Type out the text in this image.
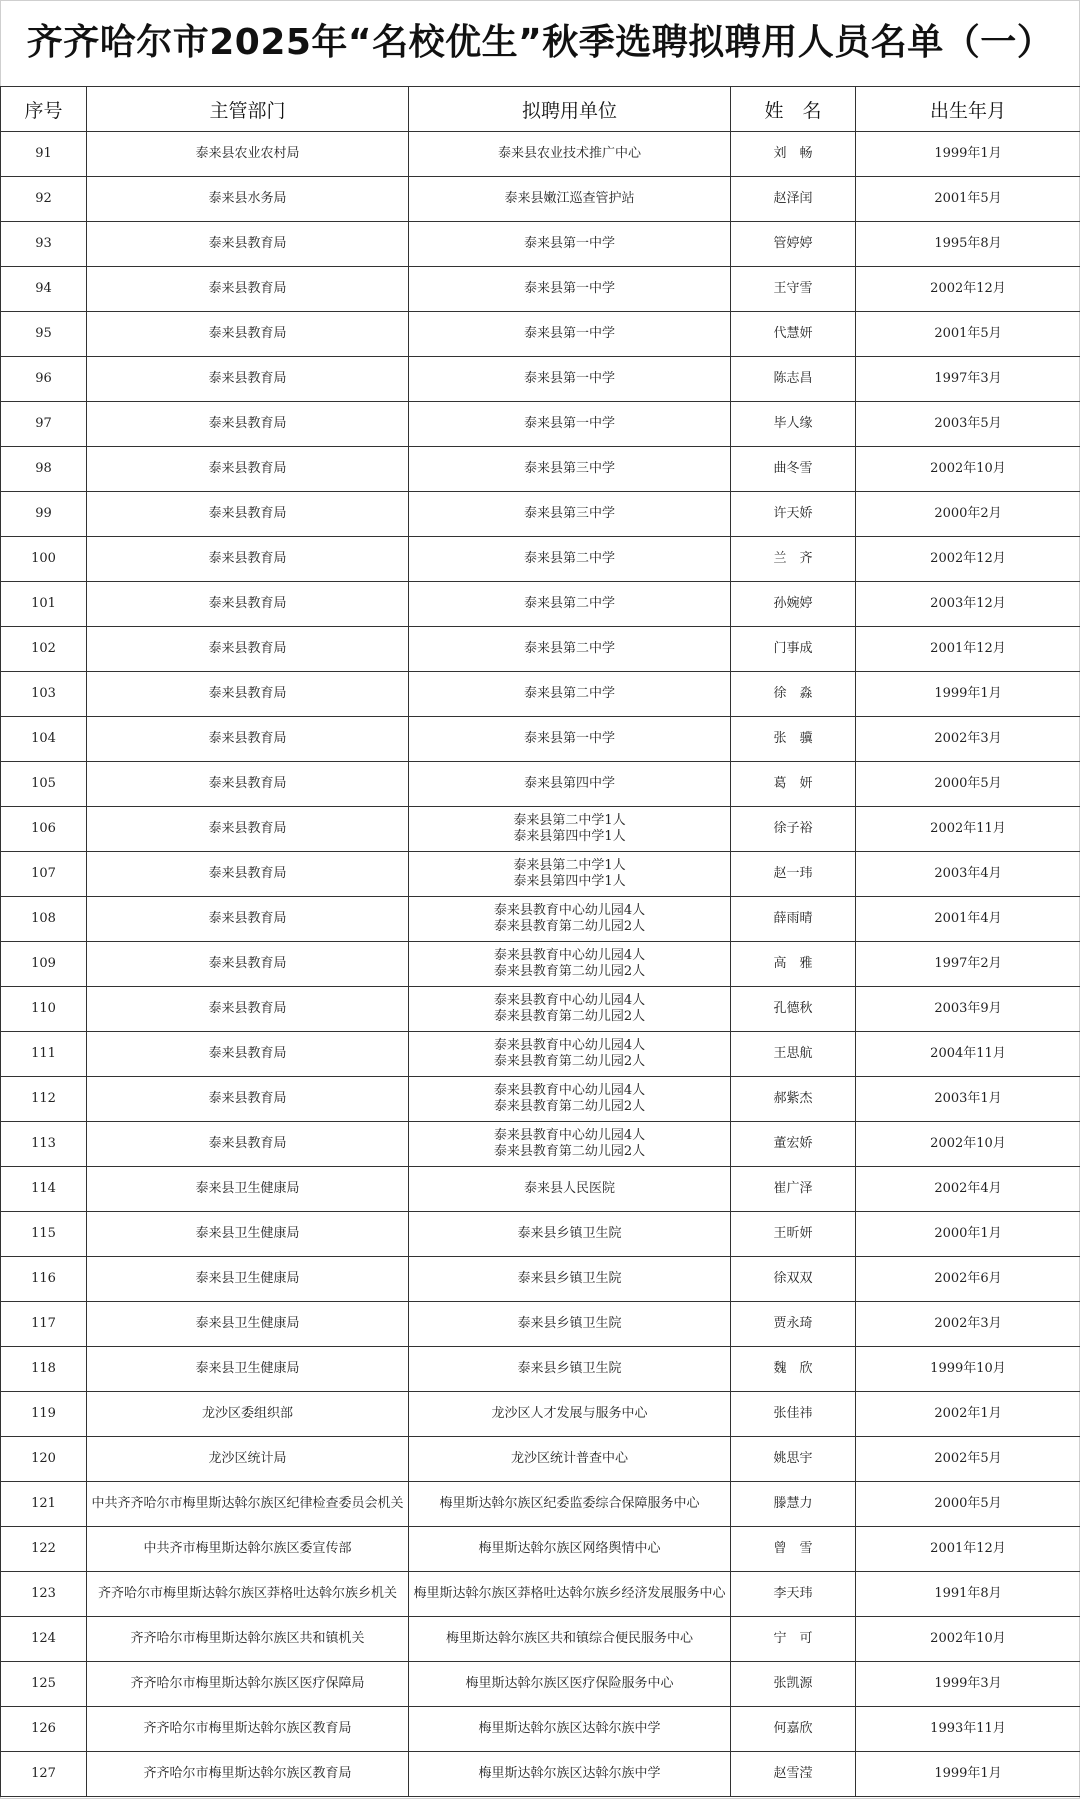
齐齐哈尔市2025年“名校优生”秋季选聘拟聘用人员名单（一）
序号	主管部门	拟聘用单位	姓　名	出生年月

91	泰来县农业农村局	泰来县农业技术推广中心	刘　畅	1999年1月

92	泰来县水务局	泰来县嫩江巡查管护站	赵泽闰	2001年5月

93	泰来县教育局	泰来县第一中学	管婷婷	1995年8月

94	泰来县教育局	泰来县第一中学	王守雪	2002年12月

95	泰来县教育局	泰来县第一中学	代慧妍	2001年5月

96	泰来县教育局	泰来县第一中学	陈志昌	1997年3月

97	泰来县教育局	泰来县第一中学	毕人缘	2003年5月

98	泰来县教育局	泰来县第三中学	曲冬雪	2002年10月

99	泰来县教育局	泰来县第三中学	许天娇	2000年2月

100	泰来县教育局	泰来县第二中学	兰　齐	2002年12月

101	泰来县教育局	泰来县第二中学	孙婉婷	2003年12月

102	泰来县教育局	泰来县第二中学	门事成	2001年12月

103	泰来县教育局	泰来县第二中学	徐　淼	1999年1月

104	泰来县教育局	泰来县第一中学	张　骥	2002年3月

105	泰来县教育局	泰来县第四中学	葛　妍	2000年5月

106	泰来县教育局	泰来县第二中学1人
泰来县第四中学1人	徐子裕	2002年11月

107	泰来县教育局	泰来县第二中学1人
泰来县第四中学1人	赵一玮	2003年4月

108	泰来县教育局	泰来县教育中心幼儿园4人
泰来县教育第二幼儿园2人	薛雨晴	2001年4月

109	泰来县教育局	泰来县教育中心幼儿园4人
泰来县教育第二幼儿园2人	高　雅	1997年2月

110	泰来县教育局	泰来县教育中心幼儿园4人
泰来县教育第二幼儿园2人	孔德秋	2003年9月

111	泰来县教育局	泰来县教育中心幼儿园4人
泰来县教育第二幼儿园2人	王思航	2004年11月

112	泰来县教育局	泰来县教育中心幼儿园4人
泰来县教育第二幼儿园2人	郝紫杰	2003年1月

113	泰来县教育局	泰来县教育中心幼儿园4人
泰来县教育第二幼儿园2人	董宏娇	2002年10月

114	泰来县卫生健康局	泰来县人民医院	崔广泽	2002年4月

115	泰来县卫生健康局	泰来县乡镇卫生院	王昕妍	2000年1月

116	泰来县卫生健康局	泰来县乡镇卫生院	徐双双	2002年6月

117	泰来县卫生健康局	泰来县乡镇卫生院	贾永琦	2002年3月

118	泰来县卫生健康局	泰来县乡镇卫生院	魏　欣	1999年10月

119	龙沙区委组织部	龙沙区人才发展与服务中心	张佳祎	2002年1月

120	龙沙区统计局	龙沙区统计普查中心	姚思宇	2002年5月

121	中共齐齐哈尔市梅里斯达斡尔族区纪律检查委员会机关	梅里斯达斡尔族区纪委监委综合保障服务中心	滕慧力	2000年5月

122	中共齐市梅里斯达斡尔族区委宣传部	梅里斯达斡尔族区网络舆情中心	曾　雪	2001年12月

123	齐齐哈尔市梅里斯达斡尔族区莽格吐达斡尔族乡机关	梅里斯达斡尔族区莽格吐达斡尔族乡经济发展服务中心	李天玮	1991年8月

124	齐齐哈尔市梅里斯达斡尔族区共和镇机关	梅里斯达斡尔族区共和镇综合便民服务中心	宁　可	2002年10月

125	齐齐哈尔市梅里斯达斡尔族区医疗保障局	梅里斯达斡尔族区医疗保险服务中心	张凯源	1999年3月

126	齐齐哈尔市梅里斯达斡尔族区教育局	梅里斯达斡尔族区达斡尔族中学	何嘉欣	1993年11月

127	齐齐哈尔市梅里斯达斡尔族区教育局	梅里斯达斡尔族区达斡尔族中学	赵雪滢	1999年1月
